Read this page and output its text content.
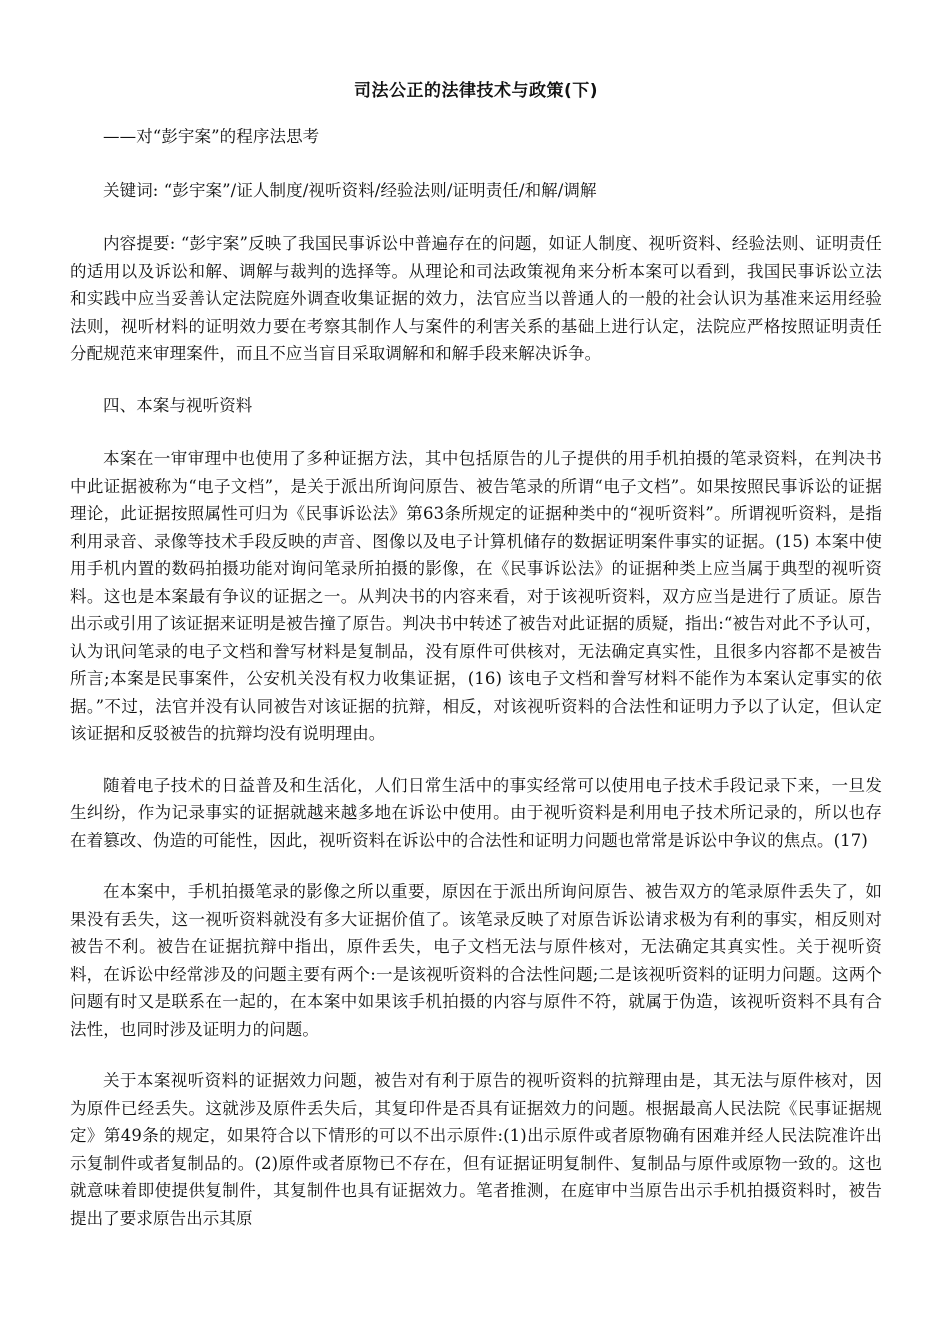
司法公正的法律技术与政策(下)

——对“彭宇案”的程序法思考

关键词: “彭宇案”/证人制度/视听资料/经验法则/证明责任/和解/调解

内容提要: “彭宇案”反映了我国民事诉讼中普遍存在的问题，如证人制度、视听资料、经验法则、证明责任的适用以及诉讼和解、调解与裁判的选择等。从理论和司法政策视角来分析本案可以看到，我国民事诉讼立法和实践中应当妥善认定法院庭外调查收集证据的效力，法官应当以普通人的一般的社会认识为基准来运用经验法则，视听材料的证明效力要在考察其制作人与案件的利害关系的基础上进行认定，法院应严格按照证明责任分配规范来审理案件，而且不应当盲目采取调解和和解手段来解决诉争。

四、本案与视听资料

本案在一审审理中也使用了多种证据方法，其中包括原告的儿子提供的用手机拍摄的笔录资料，在判决书中此证据被称为“电子文档”，是关于派出所询问原告、被告笔录的所谓“电子文档”。如果按照民事诉讼的证据理论，此证据按照属性可归为《民事诉讼法》第63条所规定的证据种类中的“视听资料”。所谓视听资料，是指利用录音、录像等技术手段反映的声音、图像以及电子计算机储存的数据证明案件事实的证据。(15) 本案中使用手机内置的数码拍摄功能对询问笔录所拍摄的影像，在《民事诉讼法》的证据种类上应当属于典型的视听资料。这也是本案最有争议的证据之一。从判决书的内容来看，对于该视听资料，双方应当是进行了质证。原告出示或引用了该证据来证明是被告撞了原告。判决书中转述了被告对此证据的质疑，指出:“被告对此不予认可，认为讯问笔录的电子文档和誊写材料是复制品，没有原件可供核对，无法确定真实性，且很多内容都不是被告所言;本案是民事案件，公安机关没有权力收集证据，(16) 该电子文档和誊写材料不能作为本案认定事实的依据。”不过，法官并没有认同被告对该证据的抗辩，相反，对该视听资料的合法性和证明力予以了认定，但认定该证据和反驳被告的抗辩均没有说明理由。

随着电子技术的日益普及和生活化，人们日常生活中的事实经常可以使用电子技术手段记录下来，一旦发生纠纷，作为记录事实的证据就越来越多地在诉讼中使用。由于视听资料是利用电子技术所记录的，所以也存在着篡改、伪造的可能性，因此，视听资料在诉讼中的合法性和证明力问题也常常是诉讼中争议的焦点。(17)

在本案中，手机拍摄笔录的影像之所以重要，原因在于派出所询问原告、被告双方的笔录原件丢失了，如果没有丢失，这一视听资料就没有多大证据价值了。该笔录反映了对原告诉讼请求极为有利的事实，相反则对被告不利。被告在证据抗辩中指出，原件丢失，电子文档无法与原件核对，无法确定其真实性。关于视听资料，在诉讼中经常涉及的问题主要有两个:一是该视听资料的合法性问题;二是该视听资料的证明力问题。这两个问题有时又是联系在一起的，在本案中如果该手机拍摄的内容与原件不符，就属于伪造，该视听资料不具有合法性，也同时涉及证明力的问题。

关于本案视听资料的证据效力问题，被告对有利于原告的视听资料的抗辩理由是，其无法与原件核对，因为原件已经丢失。这就涉及原件丢失后，其复印件是否具有证据效力的问题。根据最高人民法院《民事证据规定》第49条的规定，如果符合以下情形的可以不出示原件:(1)出示原件或者原物确有困难并经人民法院准许出示复制件或者复制品的。(2)原件或者原物已不存在，但有证据证明复制件、复制品与原件或原物一致的。这也就意味着即使提供复制件，其复制件也具有证据效力。笔者推测，在庭审中当原告出示手机拍摄资料时，被告提出了要求原告出示其原
